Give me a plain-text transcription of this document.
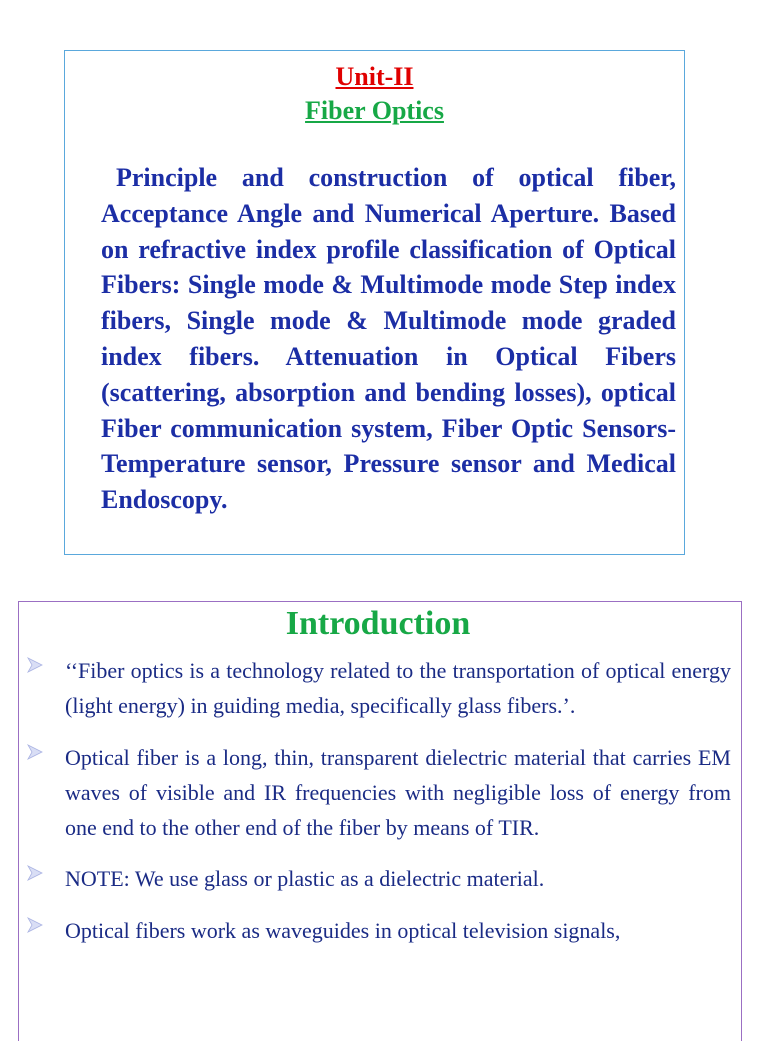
Unit-II
Fiber Optics
Principle and construction of optical fiber, Acceptance Angle and Numerical Aperture. Based on refractive index profile classification of Optical Fibers: Single mode & Multimode mode Step index fibers, Single mode & Multimode mode graded index fibers. Attenuation in Optical Fibers (scattering, absorption and bending losses), optical Fiber communication system, Fiber Optic Sensors-Temperature sensor, Pressure sensor and Medical Endoscopy.
Introduction
‘‘Fiber optics is a technology related to the transportation of optical energy (light energy) in guiding media, specifically glass fibers.’.
Optical fiber is a long, thin, transparent dielectric material that carries EM waves of visible and IR frequencies with negligible loss of energy from one end to the other end of the fiber by means of TIR.
NOTE: We use glass or plastic as a dielectric material.
Optical fibers work as waveguides in optical television signals,
